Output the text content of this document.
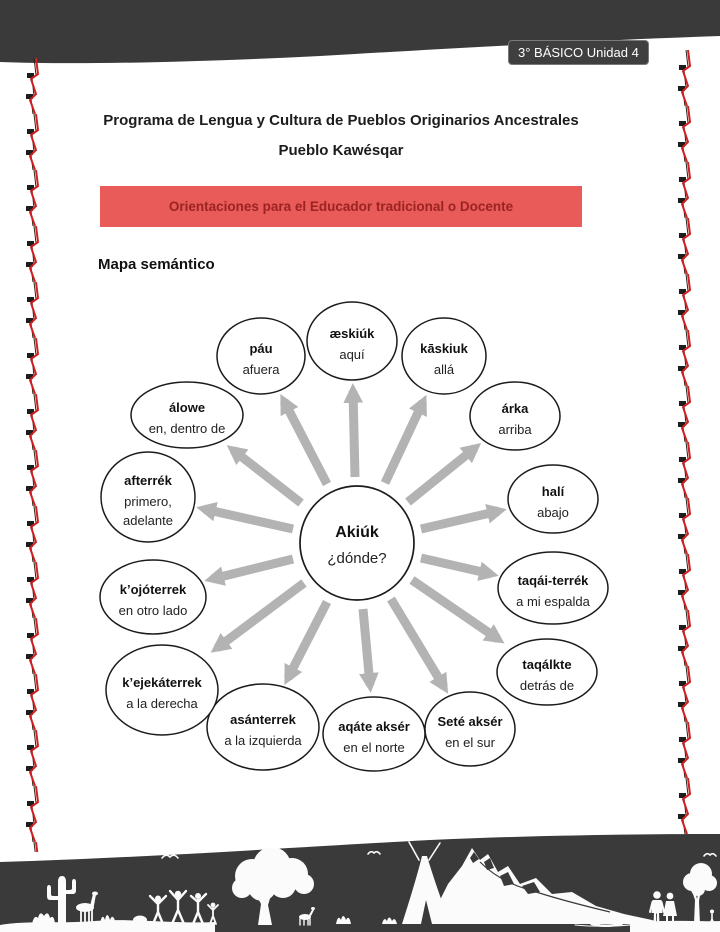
3° BÁSICO Unidad 4
Programa de Lengua y Cultura de Pueblos Originarios Ancestrales
Pueblo Kawésqar
Orientaciones para el Educador tradicional o Docente
Mapa semántico
Akiúk
¿dónde?
páu
afuera
æskiúk
aquí	kāskiuk
allá
árka
arriba
halí
abajo
taqái-terrék
a mi espalda
taqálkte
detrás de
Seté aksér
en el sur
aqáte aksér
en el norte
asánterrek
a la izquierda
k’ejekáterrek
a la derecha
k’ojóterrek
en otro lado
afterrék
primero,
adelante
álowe
en, dentro de
